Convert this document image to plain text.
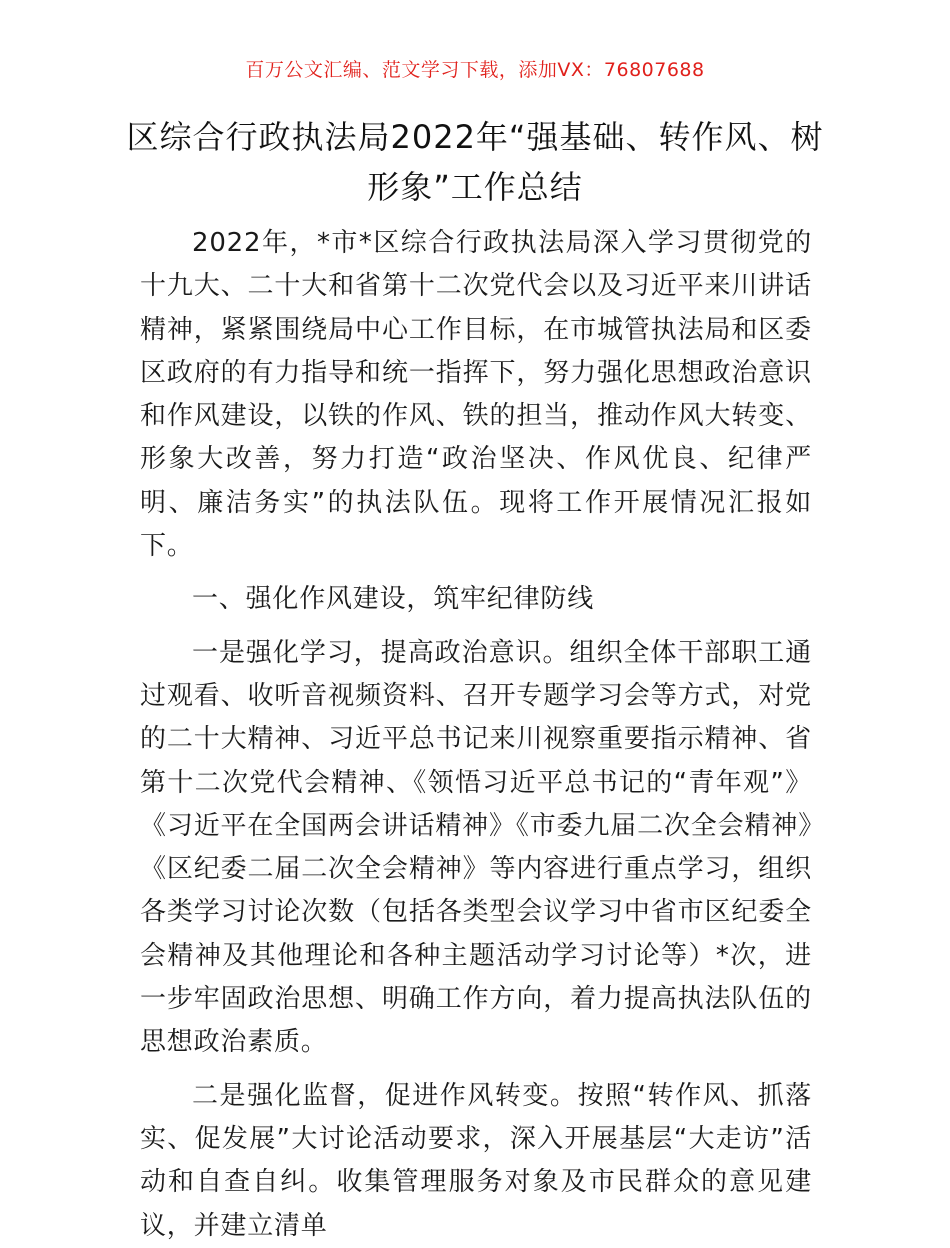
百万公文汇编、范文学习下载，添加VX：76807688
区综合行政执法局2022年“强基础、转作风、树形象”工作总结

2022年，*市*区综合行政执法局深入学习贯彻党的十九大、二十大和省第十二次党代会以及习近平来川讲话精神，紧紧围绕局中心工作目标，在市城管执法局和区委区政府的有力指导和统一指挥下，努力强化思想政治意识和作风建设，以铁的作风、铁的担当，推动作风大转变、形象大改善，努力打造“政治坚决、作风优良、纪律严明、廉洁务实”的执法队伍。现将工作开展情况汇报如下。

一、强化作风建设，筑牢纪律防线

一是强化学习，提高政治意识。组织全体干部职工通过观看、收听音视频资料、召开专题学习会等方式，对党的二十大精神、习近平总书记来川视察重要指示精神、省第十二次党代会精神、《领悟习近平总书记的“青年观”》《习近平在全国两会讲话精神》《市委九届二次全会精神》《区纪委二届二次全会精神》等内容进行重点学习，组织各类学习讨论次数（包括各类型会议学习中省市区纪委全会精神及其他理论和各种主题活动学习讨论等）*次，进一步牢固政治思想、明确工作方向，着力提高执法队伍的思想政治素质。

二是强化监督，促进作风转变。按照“转作风、抓落实、促发展”大讨论活动要求，深入开展基层“大走访”活动和自查自纠。收集管理服务对象及市民群众的意见建议，并建立清单
